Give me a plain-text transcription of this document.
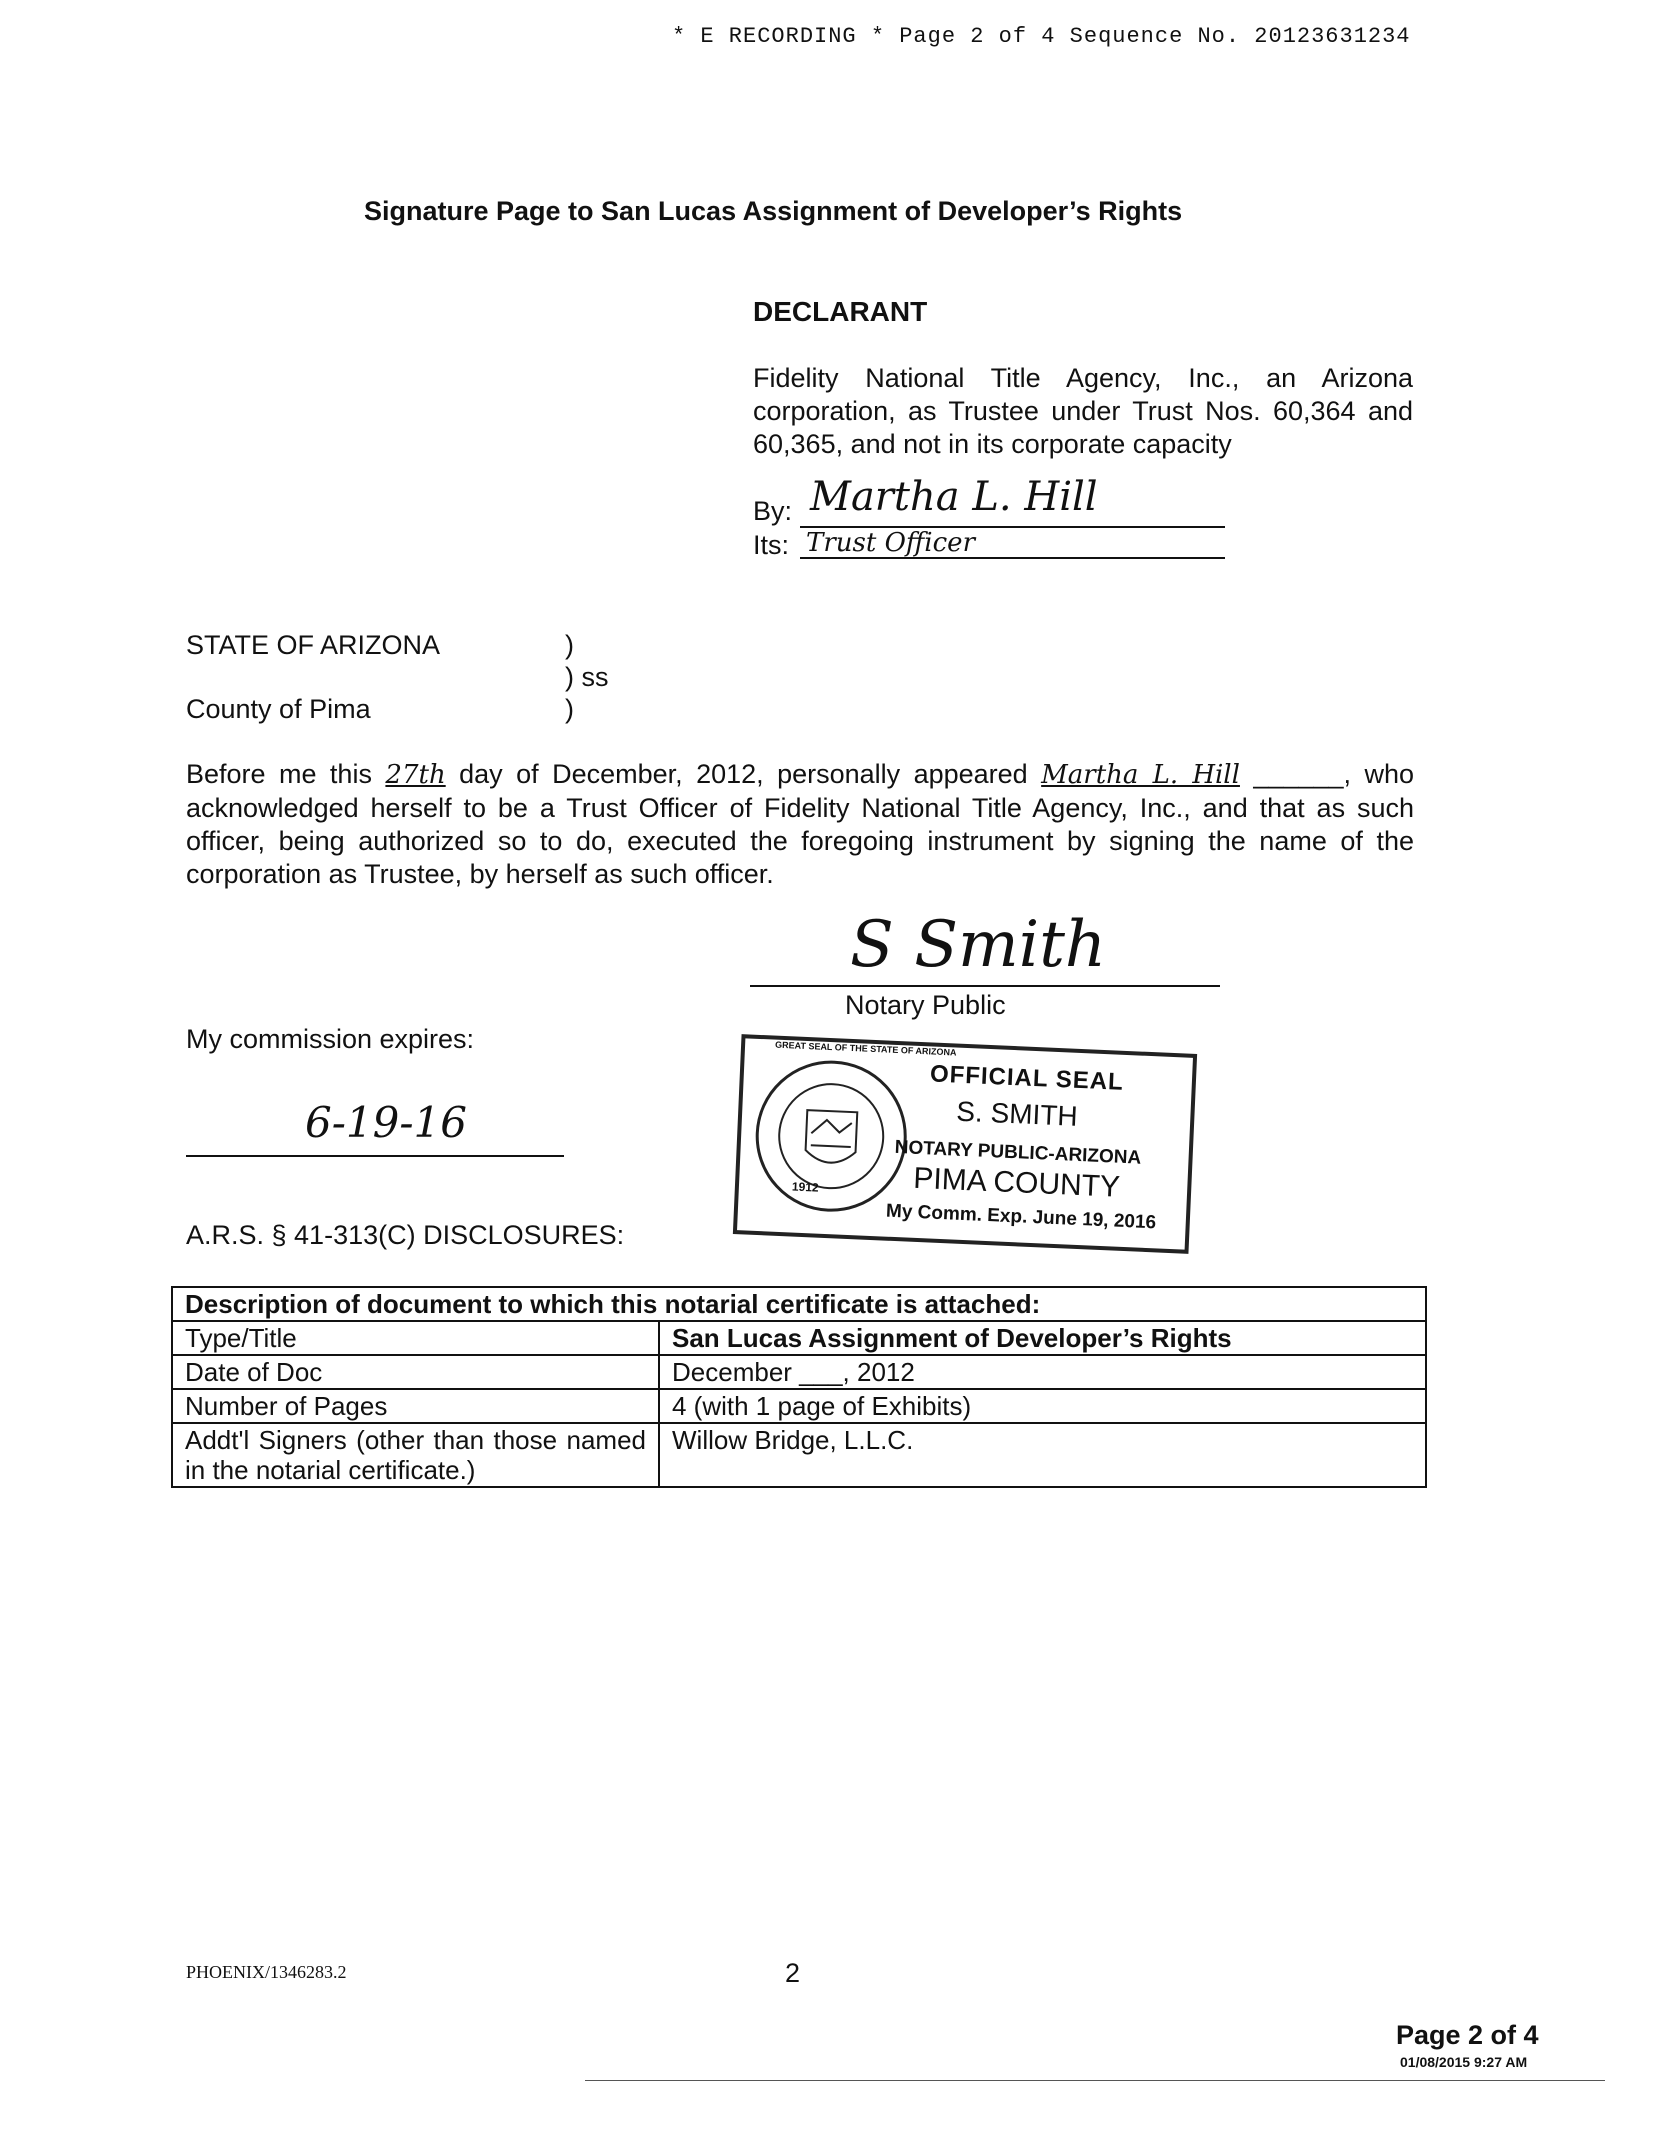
* E RECORDING * Page 2 of 4 Sequence No. 20123631234
Signature Page to San Lucas Assignment of Developer’s Rights
DECLARANT
Fidelity National Title Agency, Inc., an Arizona corporation, as Trustee under Trust Nos. 60,364 and 60,365, and not in its corporate capacity
By: Martha L. Hill
Its: Trust Officer
STATE OF ARIZONA	)
) ss
County of Pima	)
Before me this 27th day of December, 2012, personally appeared Martha L. Hill ______, who acknowledged herself to be a Trust Officer of Fidelity National Title Agency, Inc., and that as such officer, being authorized so to do, executed the foregoing instrument by signing the name of the corporation as Trustee, by herself as such officer.
S Smith
Notary Public
My commission expires:
6-19-16
1912
GREAT SEAL OF THE STATE OF ARIZONA
OFFICIAL SEAL
S. SMITH
NOTARY PUBLIC-ARIZONA
PIMA COUNTY
My Comm. Exp. June 19, 2016
A.R.S. § 41-313(C) DISCLOSURES:
Description of document to which this notarial certificate is attached:	
Type/Title	San Lucas Assignment of Developer’s Rights
Date of Doc	December ___, 2012
Number of Pages	4 (with 1 page of Exhibits)
Addt'l Signers (other than those named in the notarial certificate.)	Willow Bridge, L.L.C.
PHOENIX/1346283.2	2
Page 2 of 4
01/08/2015 9:27 AM
